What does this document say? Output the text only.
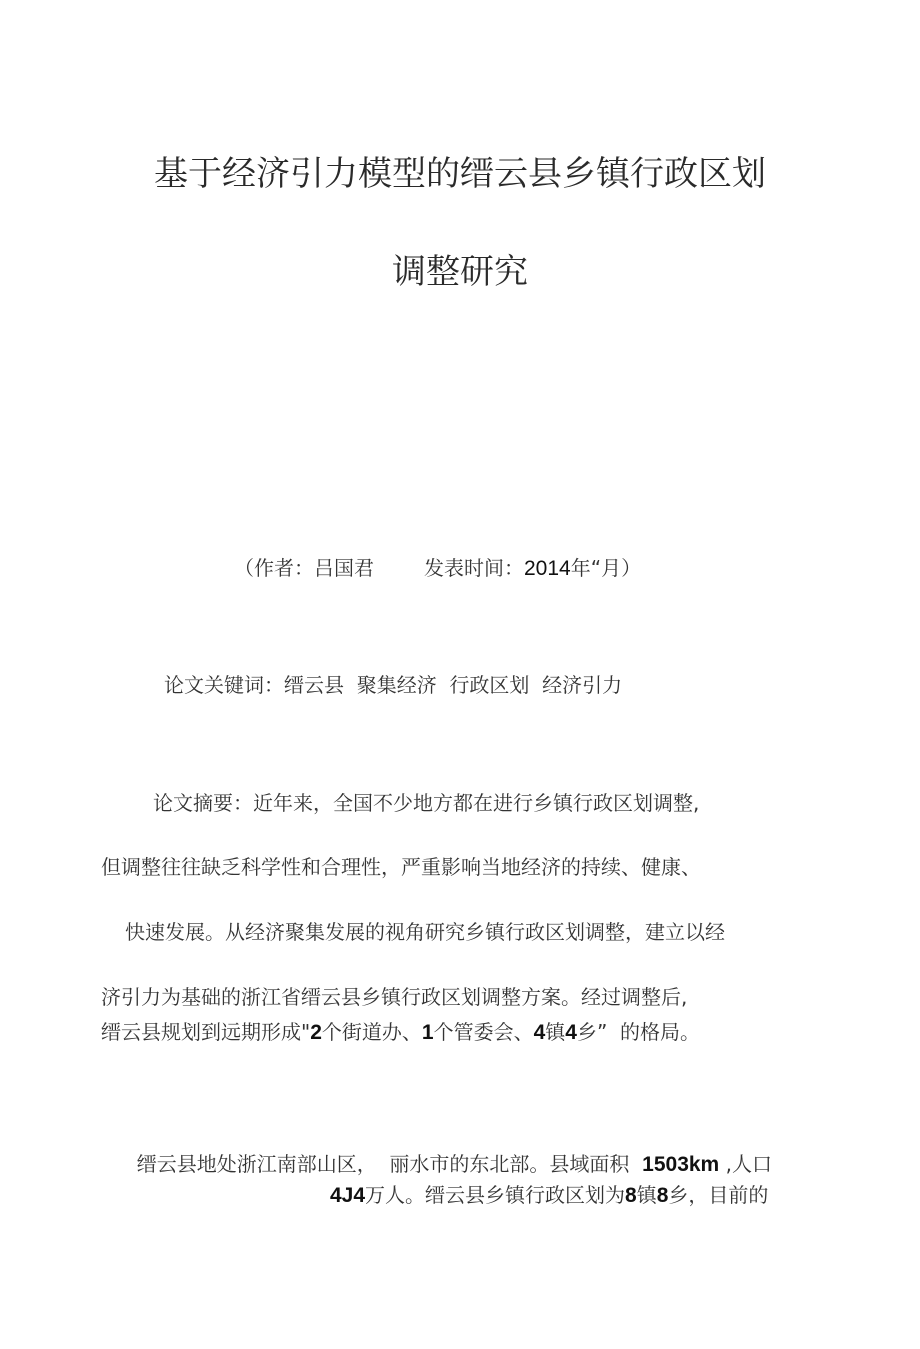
基于经济引力模型的缙云县乡镇行政区划
调整研究
（作者：吕国君	发表时间：2014年“月）
论文关键词：缙云县  聚集经济  行政区划  经济引力
论文摘要：近年来，全国不少地方都在进行乡镇行政区划调整,
但调整往往缺乏科学性和合理性，严重影响当地经济的持续、健康、
快速发展。从经济聚集发展的视角研究乡镇行政区划调整，建立以经
济引力为基础的浙江省缙云县乡镇行政区划调整方案。经过调整后,
缙云县规划到远期形成"2个街道办、1个管委会、4镇4乡”  的格局。

缙云县地处浙江南部山区，  丽水市的东北部。县域面积  1503km ,人口

4J4万人。缙云县乡镇行政区划为8镇8乡，目前的
